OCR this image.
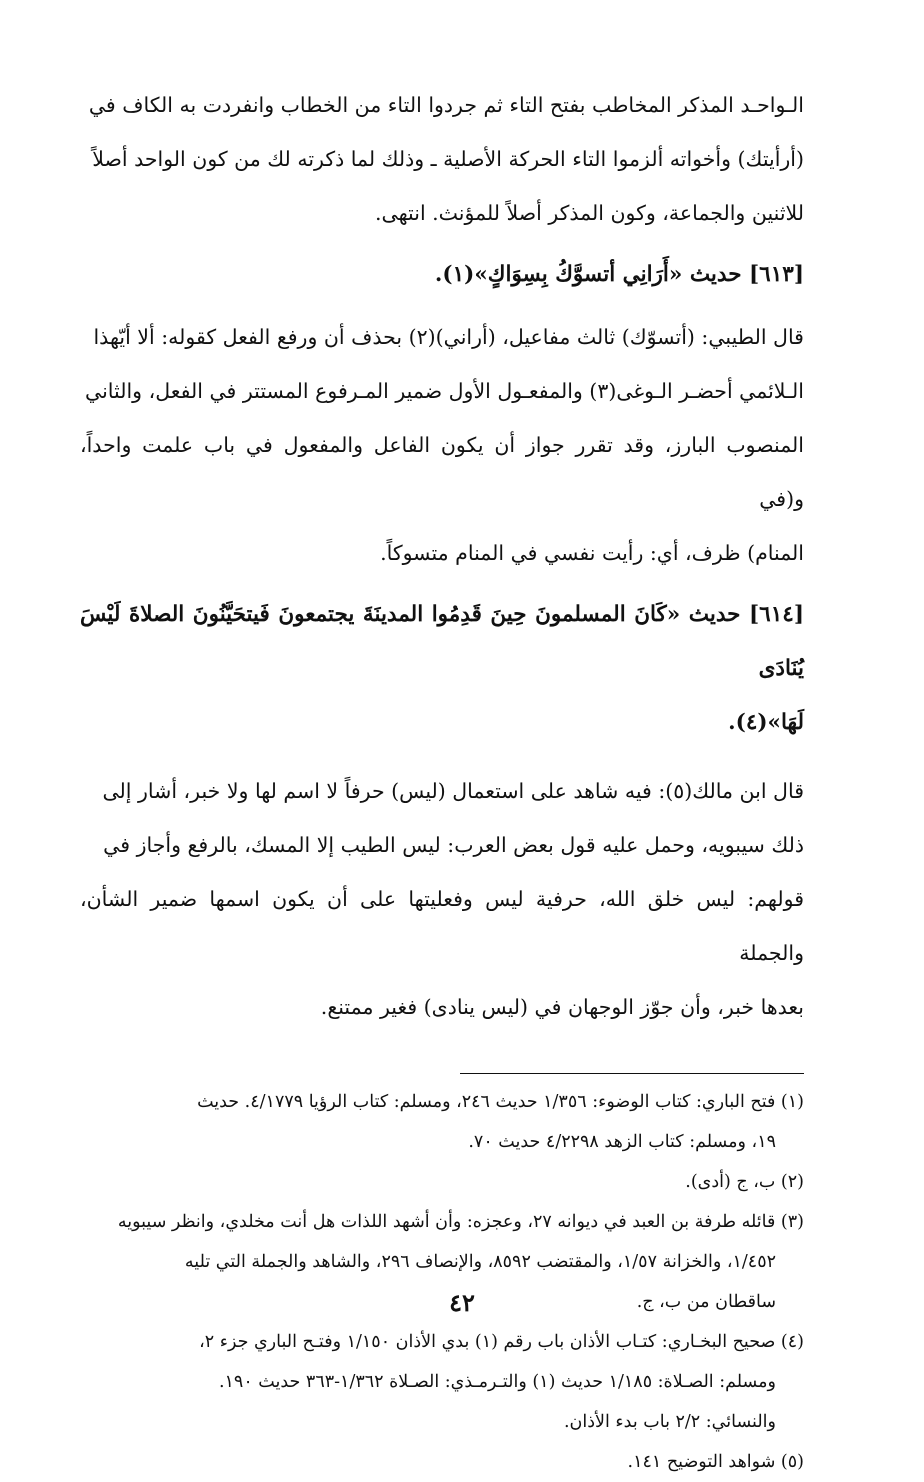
الـواحـد المذكر المخاطب بفتح التاء ثم جردوا التاء من الخطاب وانفردت به الكاف في
(أرأيتك) وأخواته ألزموا التاء الحركة الأصلية ـ وذلك لما ذكرته لك من كون الواحد أصلاً
للاثنين والجماعة، وكون المذكر أصلاً للمؤنث. انتهى.

[٦١٣] حديث «أَرَانِي أتسوَّكُ بِسِوَاكٍ»(١).

قال الطيبي: (أتسوّك) ثالث مفاعيل، (أراني)(٢) بحذف أن ورفع الفعل كقوله: ألا أيّهذا
الـلائمي أحضـر الـوغى(٣) والمفعـول الأول ضمير المـرفوع المستتر في الفعل، والثاني
المنصوب البارز، وقد تقرر جواز أن يكون الفاعل والمفعول في باب علمت واحداً، و(في
المنام) ظرف، أي: رأيت نفسي في المنام متسوكاً.

[٦١٤] حديث «كَانَ المسلمونَ حِينَ قَدِمُوا المدينَةَ يجتمعونَ فَيتحَيَّنُونَ الصلاةَ لَيْسَ يُنَادَى
لَهَا»(٤).

قال ابن مالك(٥): فيه شاهد على استعمال (ليس) حرفاً لا اسم لها ولا خبر، أشار إلى
ذلك سيبويه، وحمل عليه قول بعض العرب: ليس الطيب إلا المسك، بالرفع وأجاز في
قولهم: ليس خلق الله، حرفية ليس وفعليتها على أن يكون اسمها ضمير الشأن، والجملة
بعدها خبر، وأن جوّز الوجهان في (ليس ينادى) فغير ممتنع.

(١) فتح الباري: كتاب الوضوء: ١/٣٥٦ حديث ٢٤٦، ومسلم: كتاب الرؤيا ٤/١٧٧٩. حديث

١٩، ومسلم: كتاب الزهد ٤/٢٢٩٨ حديث ٧٠.

(٢) ب، ج (أدى).

(٣) قائله طرفة بن العبد في ديوانه ٢٧، وعجزه: وأن أشهد اللذات هل أنت مخلدي، وانظر سيبويه

١/٤٥٢، والخزانة ١/٥٧، والمقتضب ٨٥٩٢، والإنصاف ٢٩٦، والشاهد والجملة التي تليه

ساقطان من ب، ج.

(٤) صحيح البخـاري: كتـاب الأذان باب رقم (١) بدي الأذان ١/١٥٠ وفتـح الباري جزء ٢،

ومسلم: الصـلاة: ١/١٨٥ حديث (١) والتـرمـذي: الصـلاة ١/٣٦٢-٣٦٣ حديث ١٩٠.

والنسائي: ٢/٢ باب بدء الأذان.

(٥) شواهد التوضيح ١٤١.

٤٢
